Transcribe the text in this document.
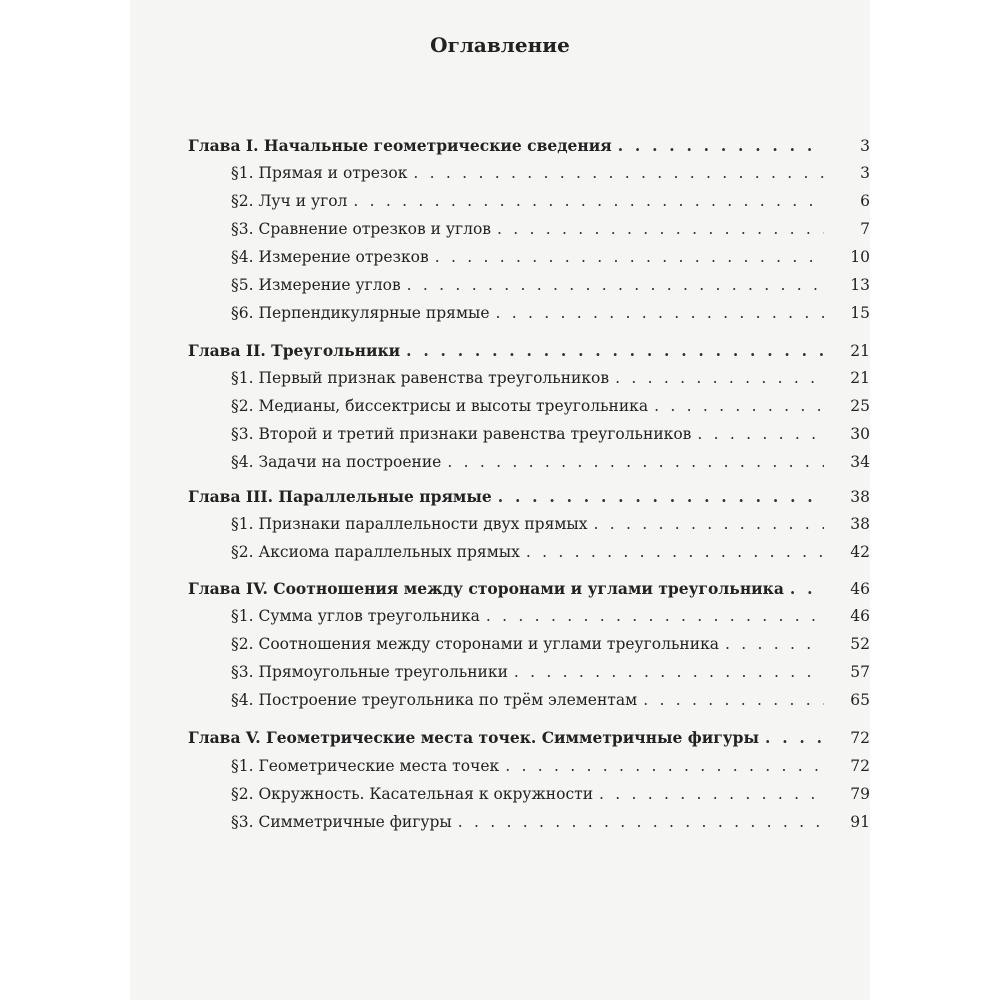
Оглавление
Глава I. Начальные геометрические сведения . . .	3
§1. Прямая и отрезок . . .	3
§2. Луч и угол . . .	6
§3. Сравнение отрезков и углов . . .	7
§4. Измерение отрезков . . .	10
§5. Измерение углов . . .	13
§6. Перпендикулярные прямые . . .	15
Глава II. Треугольники . . .	21
§1. Первый признак равенства треугольников . . .	21
§2. Медианы, биссектрисы и высоты треугольника . . .	25
§3. Второй и третий признаки равенства треугольников . . .	30
§4. Задачи на построение . . .	34
Глава III. Параллельные прямые . . .	38
§1. Признаки параллельности двух прямых . . .	38
§2. Аксиома параллельных прямых . . .	42
Глава IV. Соотношения между сторонами и углами треугольника . . .	46
§1. Сумма углов треугольника . . .	46
§2. Соотношения между сторонами и углами треугольника . . .	52
§3. Прямоугольные треугольники . . .	57
§4. Построение треугольника по трём элементам . . .	65
Глава V. Геометрические места точек. Симметричные фигуры . . .	72
§1. Геометрические места точек . . .	72
§2. Окружность. Касательная к окружности . . .	79
§3. Симметричные фигуры . . .	91
